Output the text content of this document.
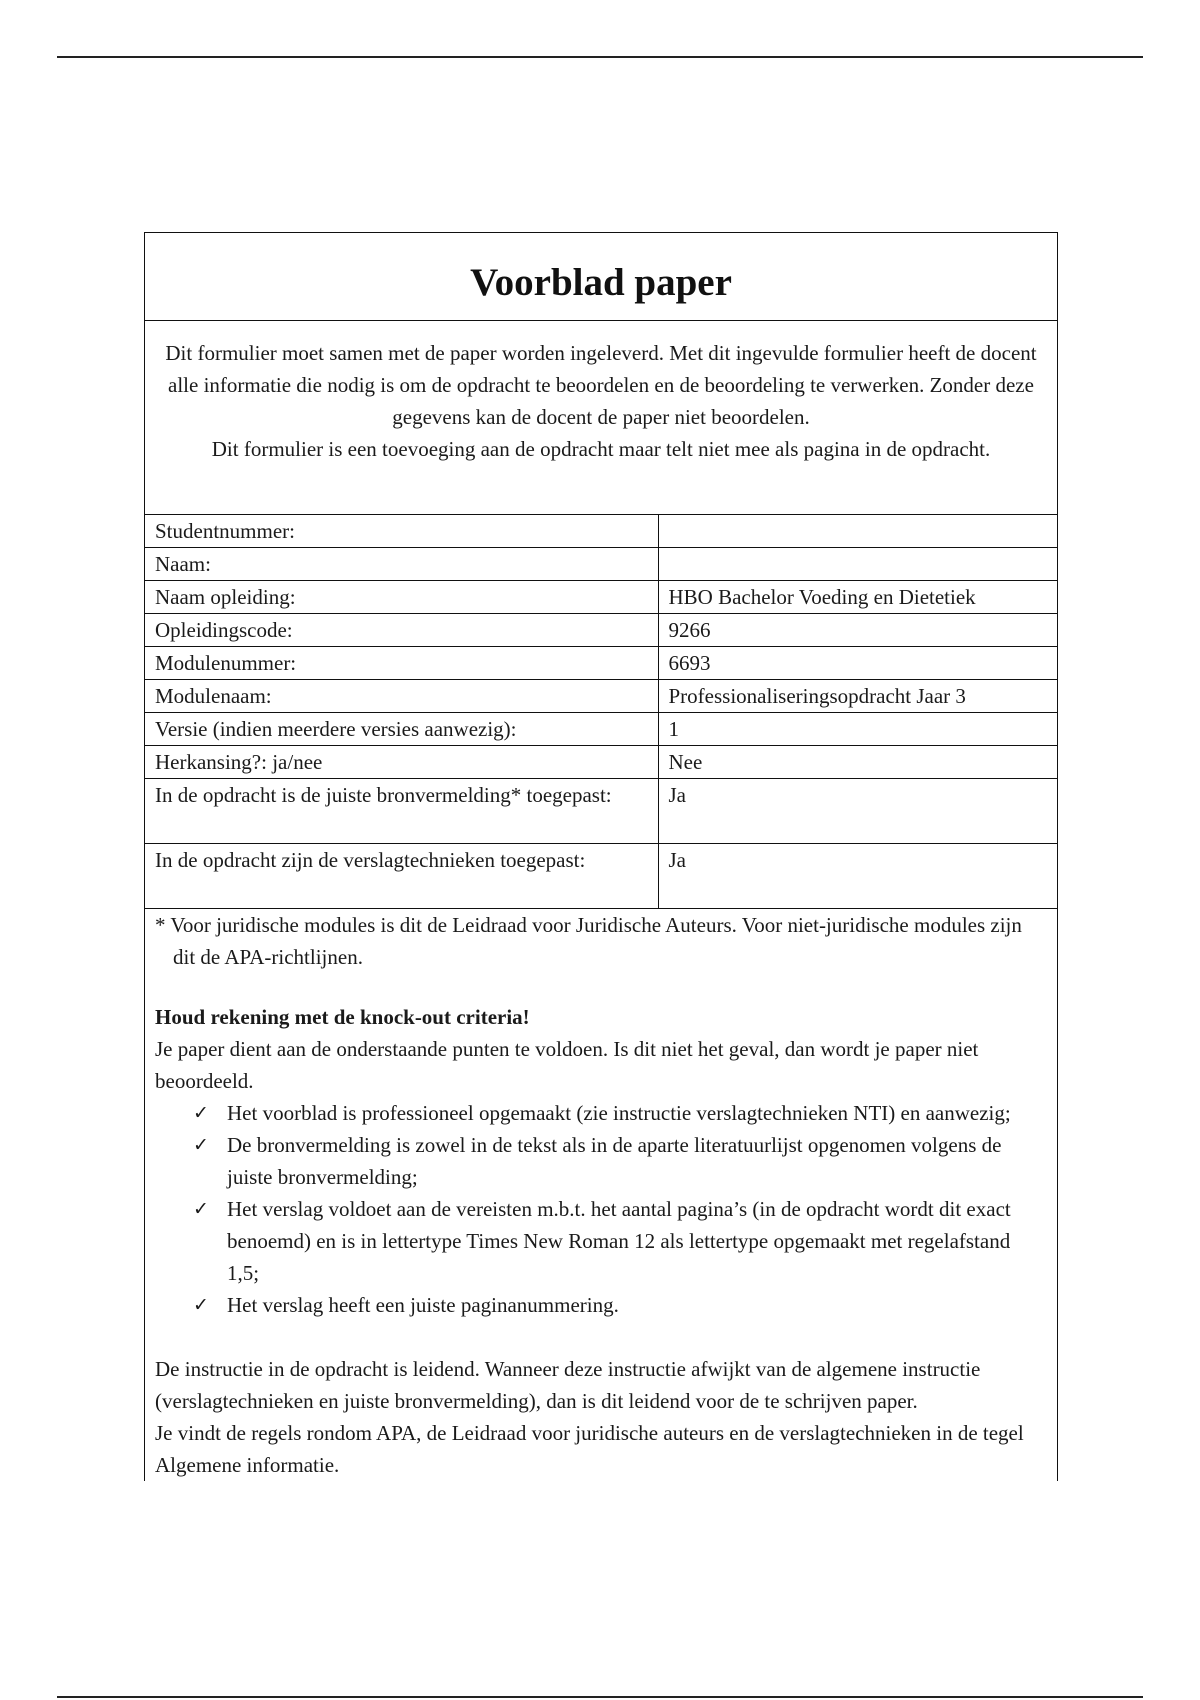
Voorblad paper

Dit formulier moet samen met de paper worden ingeleverd. Met dit ingevulde formulier heeft de docent alle informatie die nodig is om de opdracht te beoordelen en de beoordeling te verwerken. Zonder deze gegevens kan de docent de paper niet beoordelen.

Dit formulier is een toevoeging aan de opdracht maar telt niet mee als pagina in de opdracht.

Studentnummer:	
Naam:	
Naam opleiding:	HBO Bachelor Voeding en Dietetiek
Opleidingscode:	9266
Modulenummer:	6693
Modulenaam:	Professionaliseringsopdracht Jaar 3
Versie (indien meerdere versies aanwezig):	1
Herkansing?: ja/nee	Nee
In de opdracht is de juiste bronvermelding* toegepast:	Ja
In de opdracht zijn de verslagtechnieken toegepast:	Ja

* Voor juridische modules is dit de Leidraad voor Juridische Auteurs. Voor niet-juridische modules zijn dit de APA-richtlijnen.

Houd rekening met de knock-out criteria!

Je paper dient aan de onderstaande punten te voldoen. Is dit niet het geval, dan wordt je paper niet beoordeeld.

✓ Het voorblad is professioneel opgemaakt (zie instructie verslagtechnieken NTI) en aanwezig;
✓ De bronvermelding is zowel in de tekst als in de aparte literatuurlijst opgenomen volgens de juiste bronvermelding;
✓ Het verslag voldoet aan de vereisten m.b.t. het aantal pagina’s (in de opdracht wordt dit exact benoemd) en is in lettertype Times New Roman 12 als lettertype opgemaakt met regelafstand 1,5;
✓ Het verslag heeft een juiste paginanummering.

De instructie in de opdracht is leidend. Wanneer deze instructie afwijkt van de algemene instructie (verslagtechnieken en juiste bronvermelding), dan is dit leidend voor de te schrijven paper.

Je vindt de regels rondom APA, de Leidraad voor juridische auteurs en de verslagtechnieken in de tegel Algemene informatie.
